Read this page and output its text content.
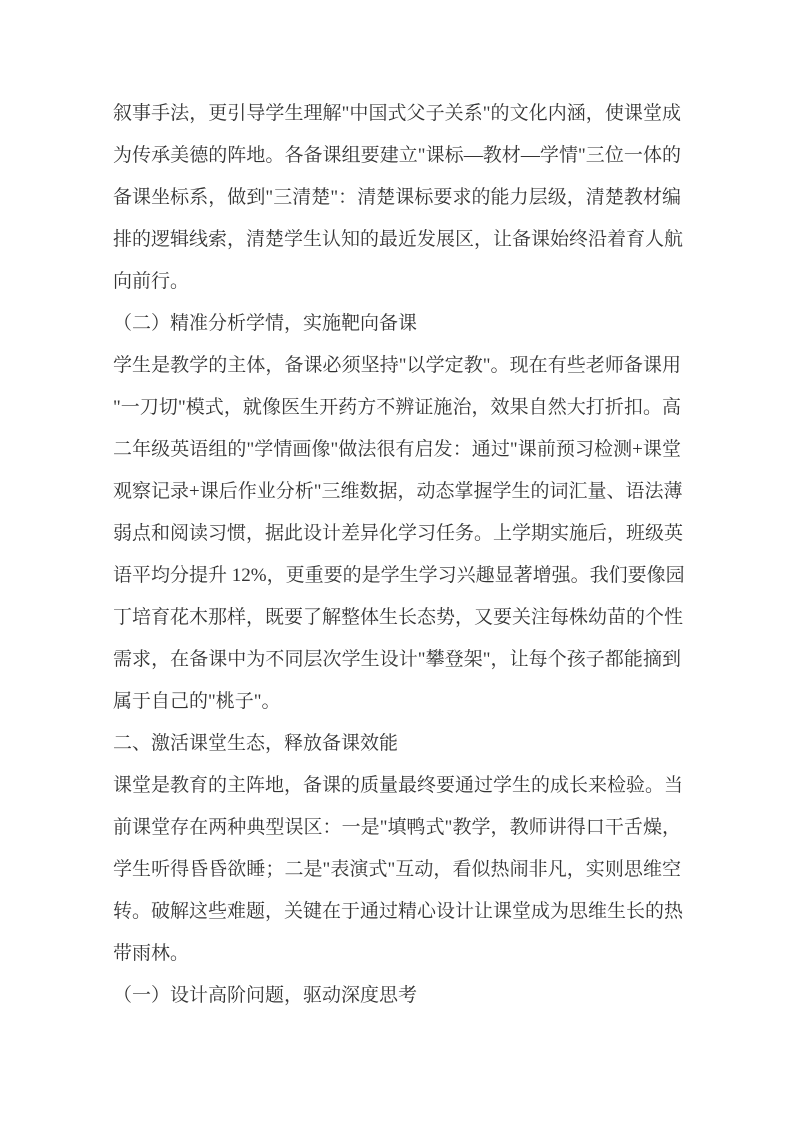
叙事手法，更引导学生理解"中国式父子关系"的文化内涵，使课堂成
为传承美德的阵地。各备课组要建立"课标—教材—学情"三位一体的
备课坐标系，做到"三清楚"：清楚课标要求的能力层级，清楚教材编
排的逻辑线索，清楚学生认知的最近发展区，让备课始终沿着育人航
向前行。
（二）精准分析学情，实施靶向备课
学生是教学的主体，备课必须坚持"以学定教"。现在有些老师备课用
"一刀切"模式，就像医生开药方不辨证施治，效果自然大打折扣。高
二年级英语组的"学情画像"做法很有启发：通过"课前预习检测+课堂
观察记录+课后作业分析"三维数据，动态掌握学生的词汇量、语法薄
弱点和阅读习惯，据此设计差异化学习任务。上学期实施后，班级英
语平均分提升 12%，更重要的是学生学习兴趣显著增强。我们要像园
丁培育花木那样，既要了解整体生长态势，又要关注每株幼苗的个性
需求，在备课中为不同层次学生设计"攀登架"，让每个孩子都能摘到
属于自己的"桃子"。
二、激活课堂生态，释放备课效能
课堂是教育的主阵地，备课的质量最终要通过学生的成长来检验。当
前课堂存在两种典型误区：一是"填鸭式"教学，教师讲得口干舌燥，
学生听得昏昏欲睡；二是"表演式"互动，看似热闹非凡，实则思维空
转。破解这些难题，关键在于通过精心设计让课堂成为思维生长的热
带雨林。
（一）设计高阶问题，驱动深度思考
